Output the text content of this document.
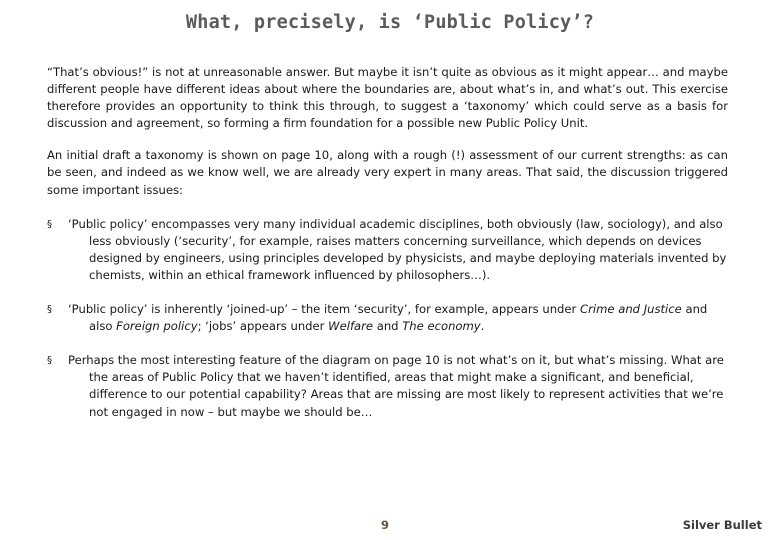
What, precisely, is ‘Public Policy’?

“That’s obvious!” is not at unreasonable answer. But maybe it isn’t quite as obvious as it might appear… and maybe different people have different ideas about where the boundaries are, about what’s in, and what’s out. This exercise therefore provides an opportunity to think this through, to suggest a ‘taxonomy’ which could serve as a basis for discussion and agreement, so forming a firm foundation for a possible new Public Policy Unit.

An initial draft a taxonomy is shown on page 10, along with a rough (!) assessment of our current strengths: as can be seen, and indeed as we know well, we are already very expert in many areas. That said, the discussion triggered some important issues:

§	‘Public policy’ encompasses very many individual academic disciplines, both obviously (law, sociology), and also less obviously (‘security’, for example, raises matters concerning surveillance, which depends on devices designed by engineers, using principles developed by physicists, and maybe deploying materials invented by chemists, within an ethical framework influenced by philosophers…).
§	‘Public policy’ is inherently ‘joined-up’ – the item ‘security’, for example, appears under Crime and Justice and also Foreign policy; ‘jobs’ appears under Welfare and The economy.
§	Perhaps the most interesting feature of the diagram on page 10 is not what’s on it, but what’s missing. What are the areas of Public Policy that we haven’t identified, areas that might make a significant, and beneficial, difference to our potential capability? Areas that are missing are most likely to represent activities that we’re not engaged in now – but maybe we should be…
9	Silver Bullet
